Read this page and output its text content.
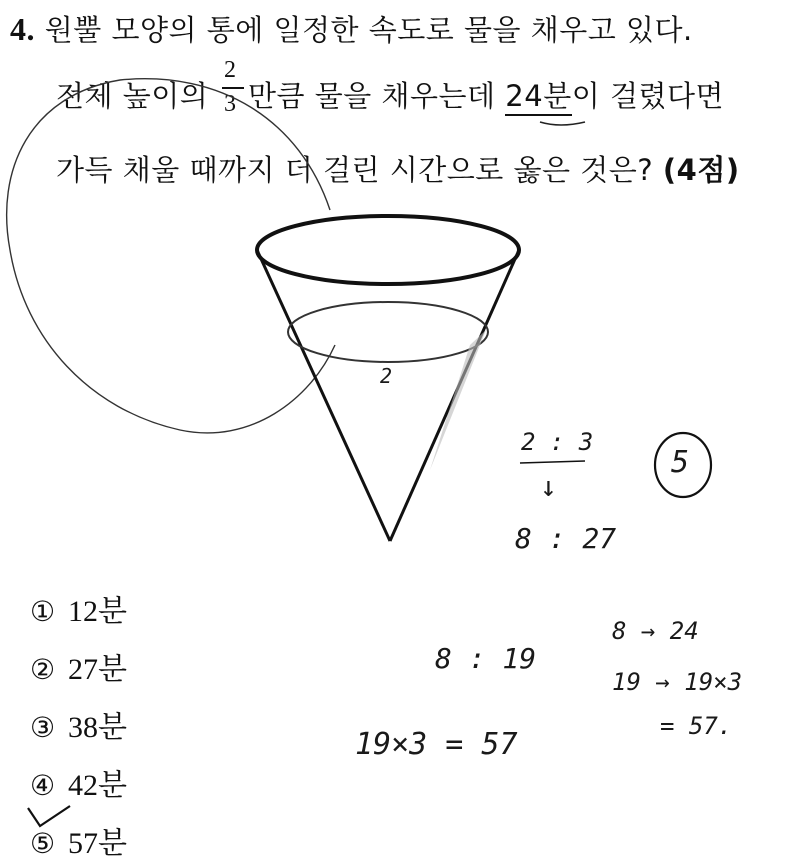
4. 원뿔 모양의 통에 일정한 속도로 물을 채우고 있다.
전체 높이의 $\frac{2}{3}$ 만큼 물을 채우는데 24분이 걸렸다면
가득 채울 때까지 더 걸린 시간으로 옳은 것은? (4점)
2
2 : 3
↓
8 : 27
5
8 : 19
19×3 = 57
8 → 24
19 → 19×3
= 57.
① 12분
② 27분
③ 38분
④ 42분
⑤ 57분
